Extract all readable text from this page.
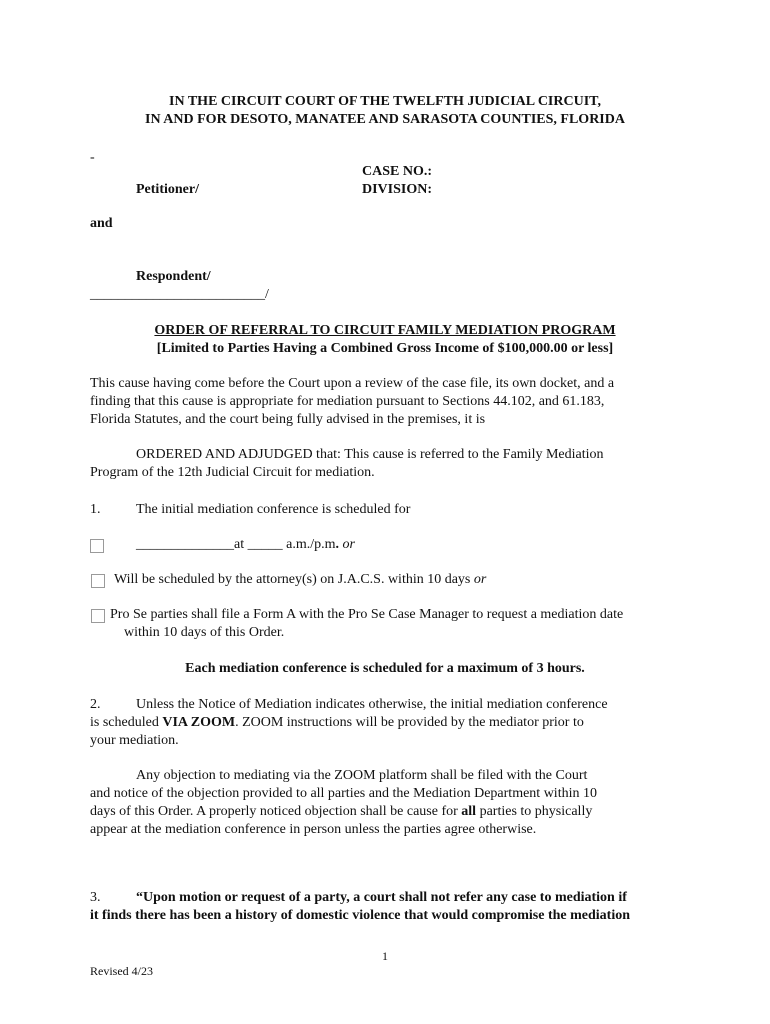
IN THE CIRCUIT COURT OF THE TWELFTH JUDICIAL CIRCUIT,
IN AND FOR DESOTO, MANATEE AND SARASOTA COUNTIES, FLORIDA
-
Petitioner/
CASE NO.:
DIVISION:
and
Respondent/
_________________________/
ORDER OF REFERRAL TO CIRCUIT FAMILY MEDIATION PROGRAM
[Limited to Parties Having a Combined Gross Income of $100,000.00 or less]
This cause having come before the Court upon a review of the case file, its own docket, and a
finding that this cause is appropriate for mediation pursuant to Sections 44.102, and 61.183,
Florida Statutes, and the court being fully advised in the premises, it is
ORDERED AND ADJUDGED that: This cause is referred to the Family Mediation
Program of the 12th Judicial Circuit for mediation.
1.	The initial mediation conference is scheduled for
______________at _____ a.m./p.m. or
Will be scheduled by the attorney(s) on J.A.C.S. within 10 days or
Pro Se parties shall file a Form A with the Pro Se Case Manager to request a mediation date
within 10 days of this Order.
Each mediation conference is scheduled for a maximum of 3 hours.
2.	Unless the Notice of Mediation indicates otherwise, the initial mediation conference
is scheduled VIA ZOOM. ZOOM instructions will be provided by the mediator prior to
your mediation.
Any objection to mediating via the ZOOM platform shall be filed with the Court
and notice of the objection provided to all parties and the Mediation Department within 10
days of this Order. A properly noticed objection shall be cause for all parties to physically
appear at the mediation conference in person unless the parties agree otherwise.
3.	“Upon motion or request of a party, a court shall not refer any case to mediation if
it finds there has been a history of domestic violence that would compromise the mediation
1
Revised 4/23
